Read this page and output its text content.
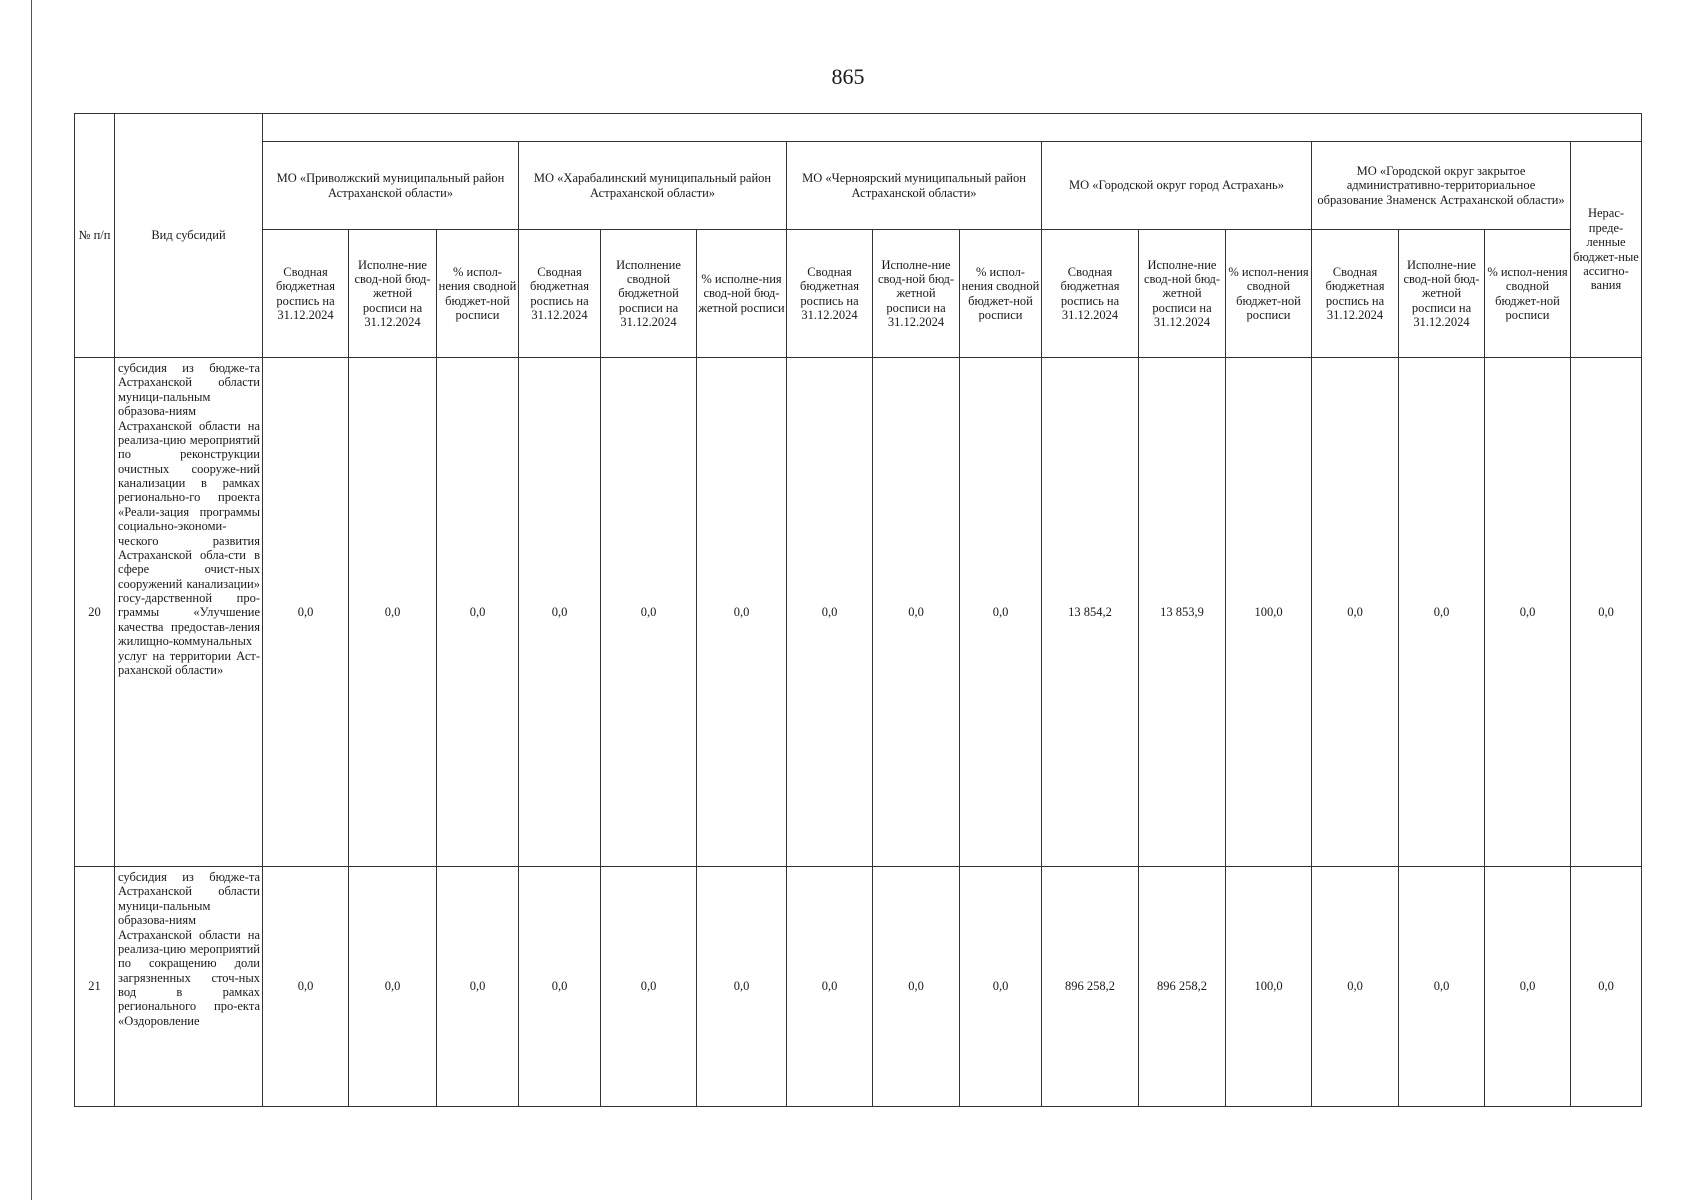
865
№ п/п	Вид субсидий																
		МО «Приволжский муниципальный район Астраханской области»			МО «Харабалинский муниципальный район Астраханской области»			МО «Черноярский муниципальный район Астраханской области»			МО «Городской округ город Астрахань»			МО «Городской округ закрытое административно-территориальное образование Знаменск Астраханской области»			Нерас-преде-ленные бюджет-ные ассигно-вания
		Сводная бюджетная роспись на 31.12.2024	Исполне-ние свод-ной бюд-жетной росписи на 31.12.2024	% испол-нения сводной бюджет-ной росписи	Сводная бюджетная роспись на 31.12.2024	Исполнение сводной бюджетной росписи на 31.12.2024	% исполне-ния свод-ной бюд-жетной росписи	Сводная бюджетная роспись на 31.12.2024	Исполне-ние свод-ной бюд-жетной росписи на 31.12.2024	% испол-нения сводной бюджет-ной росписи	Сводная бюджетная роспись на 31.12.2024	Исполне-ние свод-ной бюд-жетной росписи на 31.12.2024	% испол-нения сводной бюджет-ной росписи	Сводная бюджетная роспись на 31.12.2024	Исполне-ние свод-ной бюд-жетной росписи на 31.12.2024	% испол-нения сводной бюджет-ной росписи	
20	субсидия из бюдже-та Астраханской области муници-пальным образова-ниям Астраханской области на реализа-цию мероприятий по реконструкции очистных сооруже-ний канализации в рамках регионально-го проекта «Реали-зация программы социально-экономи-ческого развития Астраханской обла-сти в сфере очист-ных сооружений канализации» госу-дарственной про-граммы «Улучшение качества предостав-ления жилищно-коммунальных услуг на территории Аст-раханской области»	0,0	0,0	0,0	0,0	0,0	0,0	0,0	0,0	0,0	13 854,2	13 853,9	100,0	0,0	0,0	0,0	0,0
21	субсидия из бюдже-та Астраханской области муници-пальным образова-ниям Астраханской области на реализа-цию мероприятий по сокращению доли загрязненных сточ-ных вод в рамках регионального про-екта «Оздоровление	0,0	0,0	0,0	0,0	0,0	0,0	0,0	0,0	0,0	896 258,2	896 258,2	100,0	0,0	0,0	0,0	0,0
